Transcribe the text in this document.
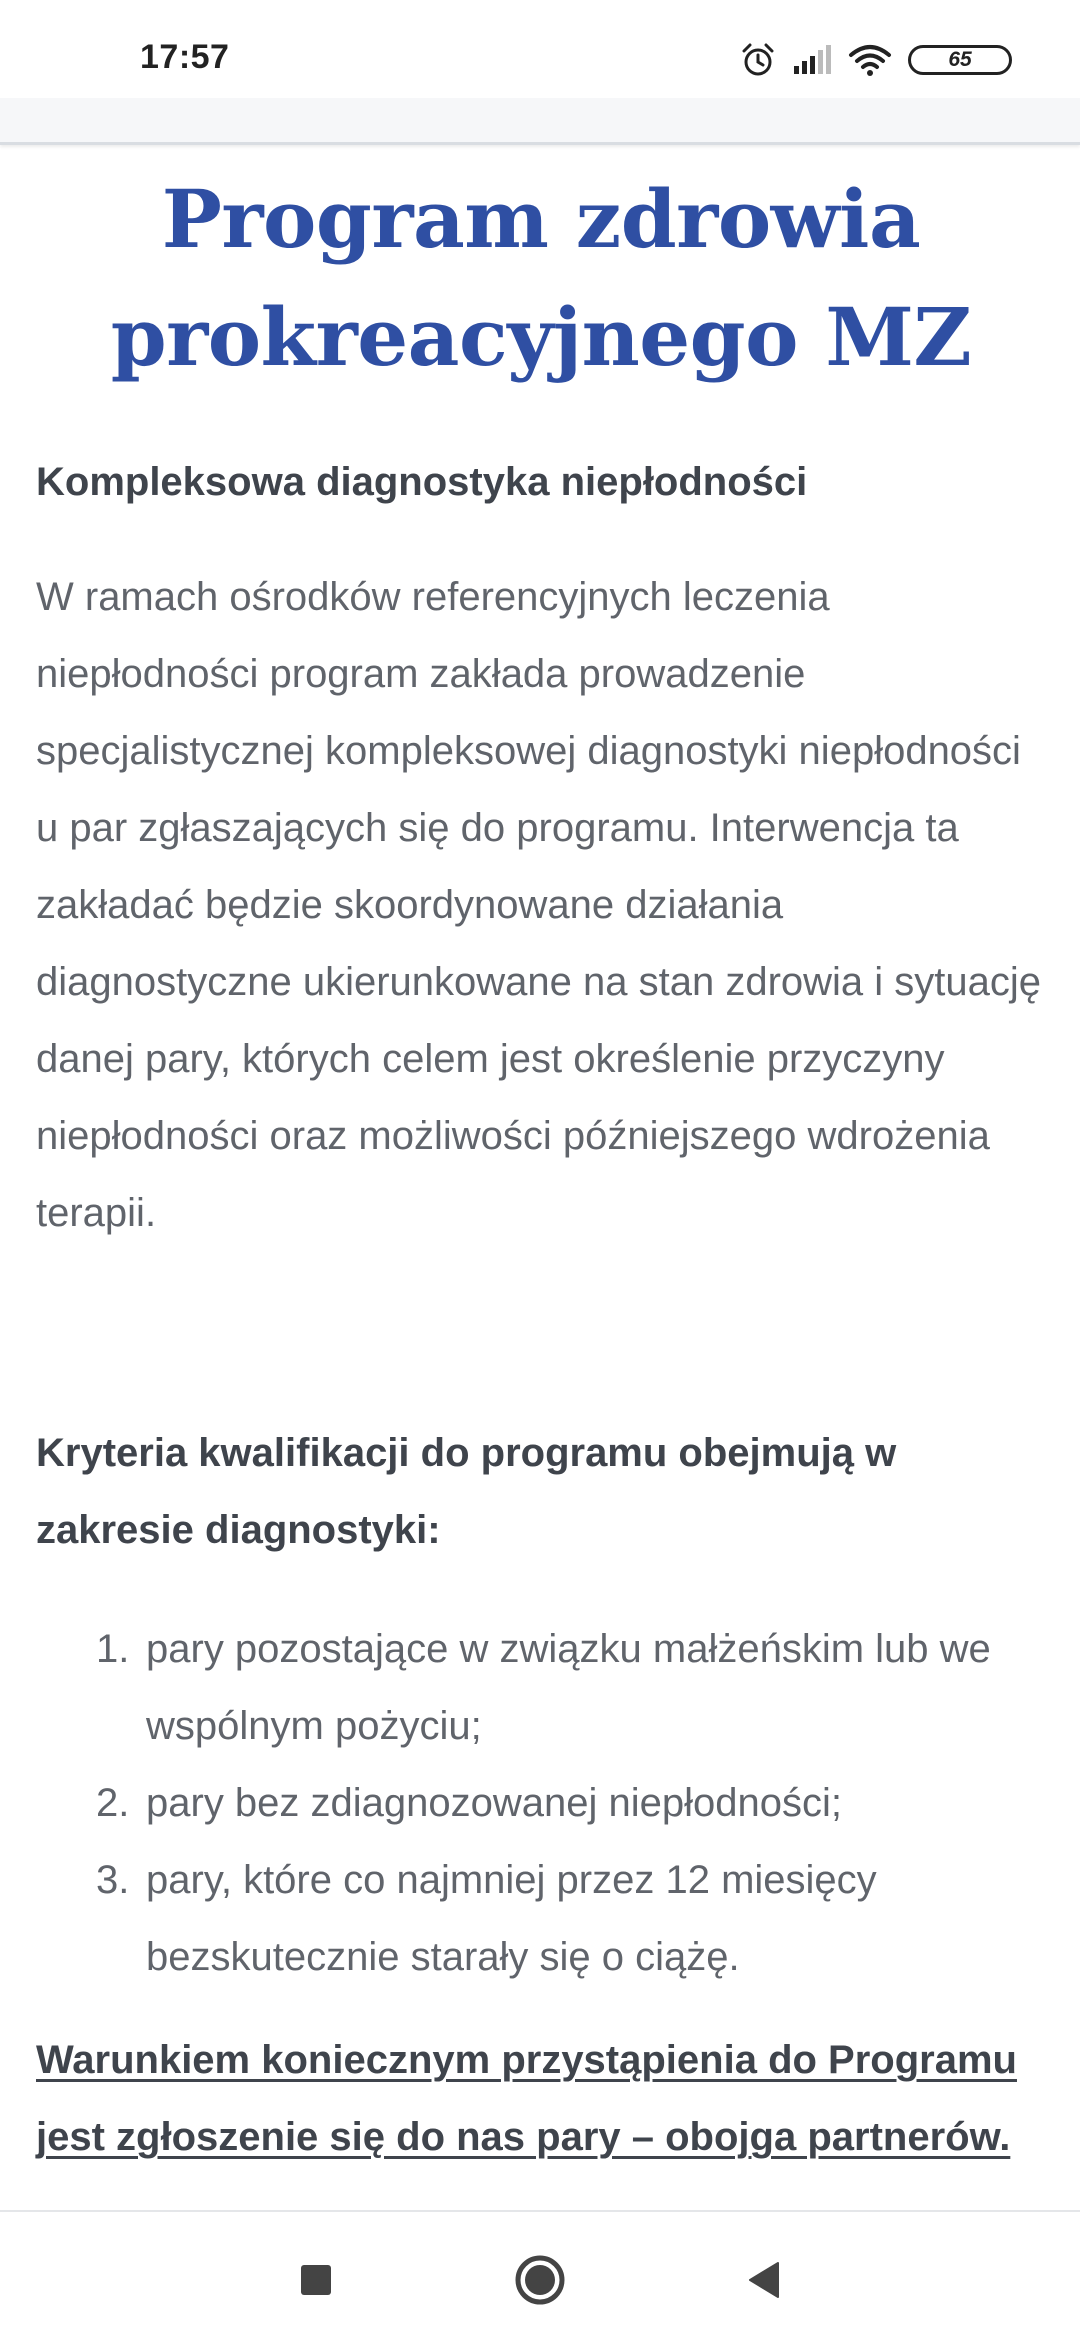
17:57	65
Program zdrowia prokreacyjnego MZ
Kompleksowa diagnostyka niepłodności

W ramach ośrodków referencyjnych leczenia niepłodności program zakłada prowadzenie specjalistycznej kompleksowej diagnostyki niepłodności u par zgłaszających się do programu. Interwencja ta zakładać będzie skoordynowane działania diagnostyczne ukierunkowane na stan zdrowia i sytuację danej pary, których celem jest określenie przyczyny niepłodności oraz możliwości późniejszego wdrożenia terapii.

Kryteria kwalifikacji do programu obejmują w zakresie diagnostyki:
1. pary pozostające w związku małżeńskim lub we wspólnym pożyciu;
2. pary bez zdiagnozowanej niepłodności;
3. pary, które co najmniej przez 12 miesięcy bezskutecznie starały się o ciążę.
Warunkiem koniecznym przystąpienia do Programu jest zgłoszenie się do nas pary – obojga partnerów.
